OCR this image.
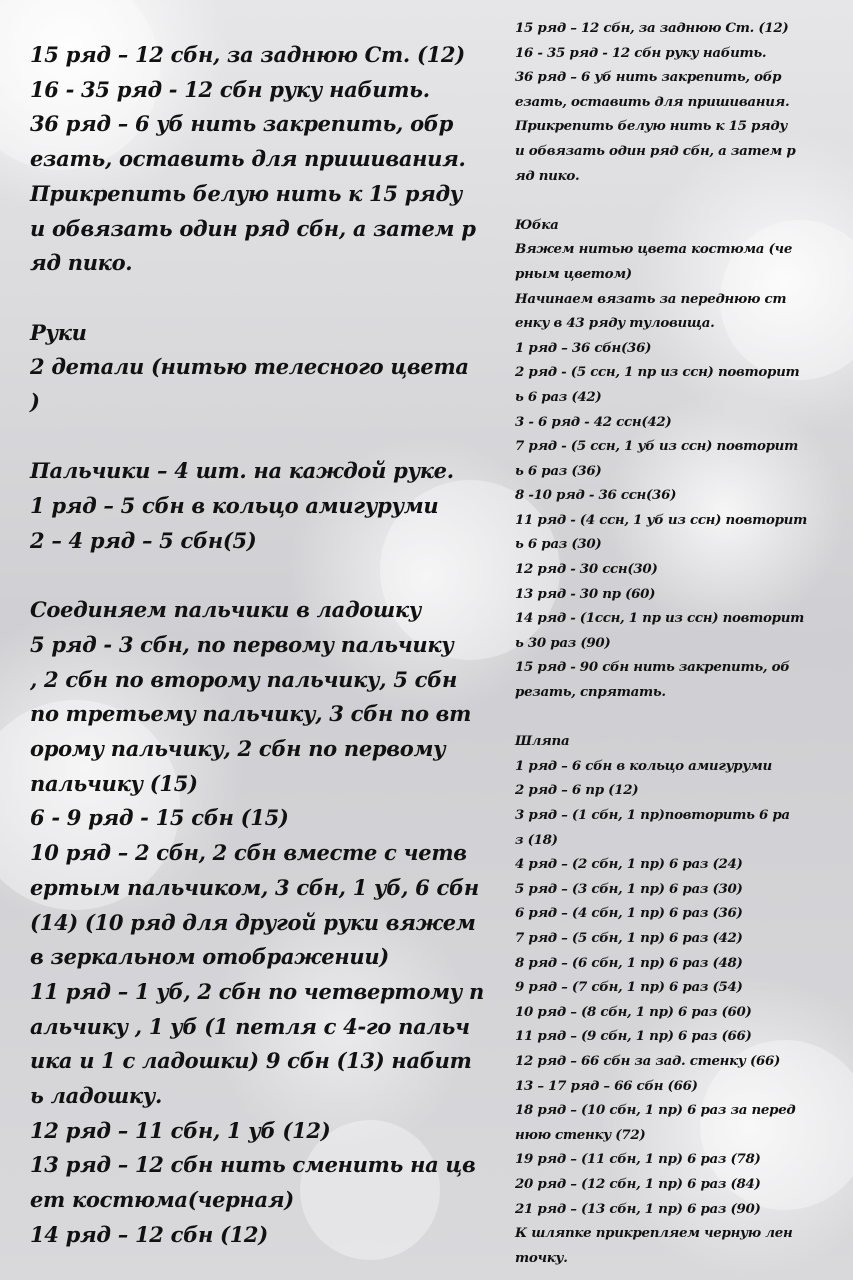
15 ряд – 12 сбн, за заднюю Ст. (12)
16 - 35 ряд - 12 сбн руку набить.
36 ряд – 6 уб нить закрепить, обр
езать, оставить для пришивания.
Прикрепить белую нить к 15 ряду
и обвязать один ряд сбн, а затем р
яд пико.
Руки
2 детали (нитью телесного цвета
)
Пальчики – 4 шт. на каждой руке.
1 ряд – 5 сбн в кольцо амигуруми
2 – 4 ряд – 5 сбн(5)
Соединяем пальчики в ладошку
5 ряд - 3 сбн, по первому пальчику
, 2 сбн по второму пальчику, 5 сбн
по третьему пальчику, 3 сбн по вт
орому пальчику, 2 сбн по первому
пальчику (15)
6 - 9 ряд - 15 сбн (15)
10 ряд – 2 сбн, 2 сбн вместе с четв
ертым пальчиком, 3 сбн, 1 уб, 6 сбн
(14) (10 ряд для другой руки вяжем
в зеркальном отображении)
11 ряд – 1 уб, 2 сбн по четвертому п
альчику , 1 уб (1 петля с 4-го пальч
ика и 1 с ладошки) 9 сбн (13) набит
ь ладошку.
12 ряд – 11 сбн, 1 уб (12)
13 ряд – 12 сбн нить сменить на цв
ет костюма(черная)
14 ряд – 12 сбн (12)
15 ряд – 12 сбн, за заднюю Ст. (12)
16 - 35 ряд - 12 сбн руку набить.
36 ряд – 6 уб нить закрепить, обр
езать, оставить для пришивания.
Прикрепить белую нить к 15 ряду
и обвязать один ряд сбн, а затем р
яд пико.
Юбка
Вяжем нитью цвета костюма (че
рным цветом)
Начинаем вязать за переднюю ст
енку в 43 ряду туловища.
1 ряд – 36 сбн(36)
2 ряд - (5 ссн, 1 пр из ссн) повторит
ь 6 раз (42)
3 - 6 ряд - 42 ссн(42)
7 ряд - (5 ссн, 1 уб из ссн) повторит
ь 6 раз (36)
8 -10 ряд - 36 ссн(36)
11 ряд - (4 ссн, 1 уб из ссн) повторит
ь 6 раз (30)
12 ряд - 30 ссн(30)
13 ряд - 30 пр (60)
14 ряд - (1ссн, 1 пр из ссн) повторит
ь 30 раз (90)
15 ряд - 90 сбн нить закрепить, об
резать, спрятать.
Шляпа
1 ряд – 6 сбн в кольцо амигуруми
2 ряд – 6 пр (12)
3 ряд – (1 сбн, 1 пр)повторить 6 ра
з (18)
4 ряд – (2 сбн, 1 пр) 6 раз (24)
5 ряд – (3 сбн, 1 пр) 6 раз (30)
6 ряд – (4 сбн, 1 пр) 6 раз (36)
7 ряд – (5 сбн, 1 пр) 6 раз (42)
8 ряд – (6 сбн, 1 пр) 6 раз (48)
9 ряд – (7 сбн, 1 пр) 6 раз (54)
10 ряд – (8 сбн, 1 пр) 6 раз (60)
11 ряд – (9 сбн, 1 пр) 6 раз (66)
12 ряд – 66 сбн за зад. стенку (66)
13 – 17 ряд – 66 сбн (66)
18 ряд – (10 сбн, 1 пр) 6 раз за перед
нюю стенку (72)
19 ряд – (11 сбн, 1 пр) 6 раз (78)
20 ряд – (12 сбн, 1 пр) 6 раз (84)
21 ряд – (13 сбн, 1 пр) 6 раз (90)
К шляпке прикрепляем черную лен
точку.
